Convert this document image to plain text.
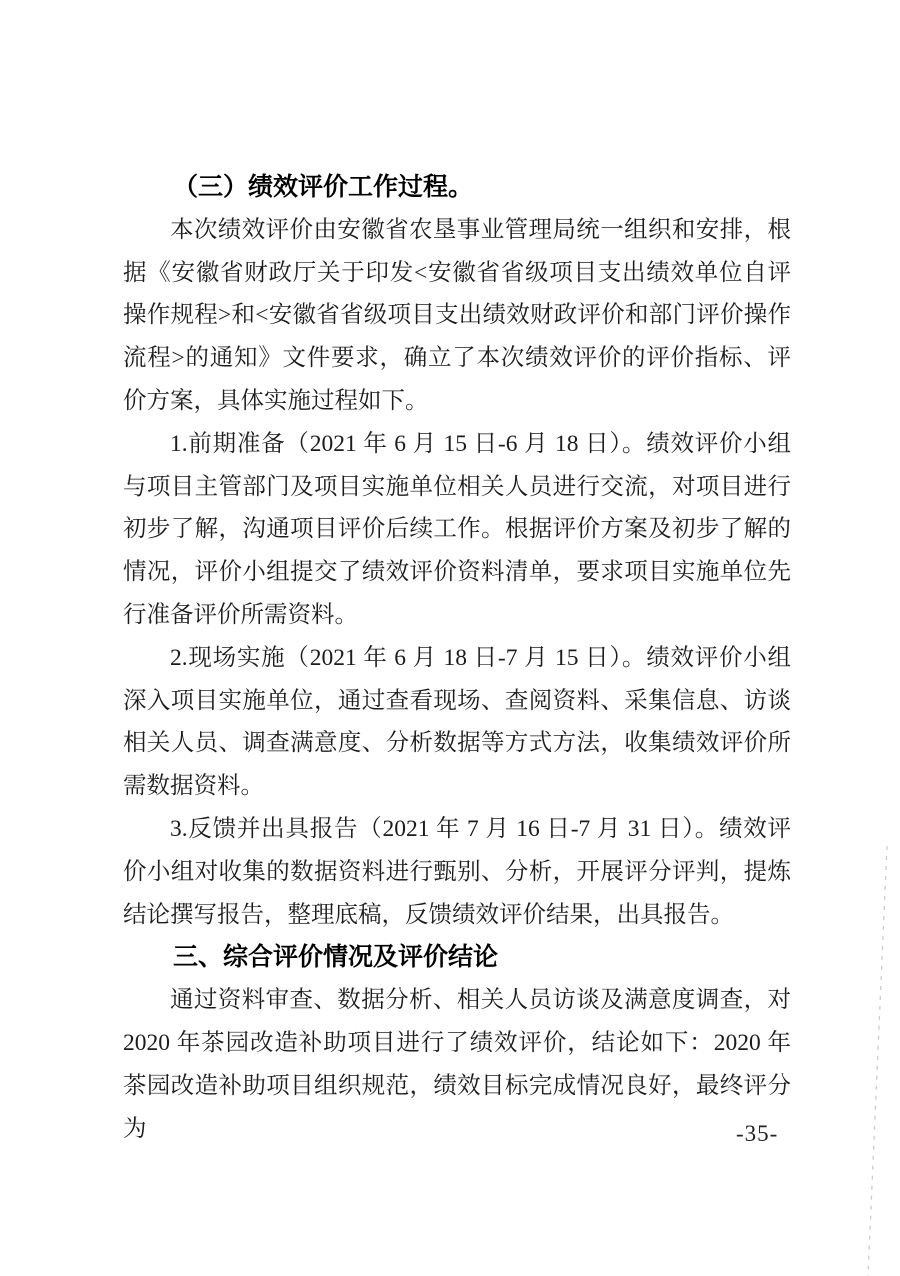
（三）绩效评价工作过程。

本次绩效评价由安徽省农垦事业管理局统一组织和安排，根据《安徽省财政厅关于印发<安徽省省级项目支出绩效单位自评操作规程>和<安徽省省级项目支出绩效财政评价和部门评价操作流程>的通知》文件要求，确立了本次绩效评价的评价指标、评价方案，具体实施过程如下。

1.前期准备（2021 年 6 月 15 日-6 月 18 日）。绩效评价小组与项目主管部门及项目实施单位相关人员进行交流，对项目进行初步了解，沟通项目评价后续工作。根据评价方案及初步了解的情况，评价小组提交了绩效评价资料清单，要求项目实施单位先行准备评价所需资料。

2.现场实施（2021 年 6 月 18 日-7 月 15 日）。绩效评价小组深入项目实施单位，通过查看现场、查阅资料、采集信息、访谈相关人员、调查满意度、分析数据等方式方法，收集绩效评价所需数据资料。

3.反馈并出具报告（2021 年 7 月 16 日-7 月 31 日）。绩效评价小组对收集的数据资料进行甄别、分析，开展评分评判，提炼结论撰写报告，整理底稿，反馈绩效评价结果，出具报告。

三、综合评价情况及评价结论

通过资料审查、数据分析、相关人员访谈及满意度调查，对 2020 年茶园改造补助项目进行了绩效评价，结论如下：2020 年茶园改造补助项目组织规范，绩效目标完成情况良好，最终评分为	-35-
